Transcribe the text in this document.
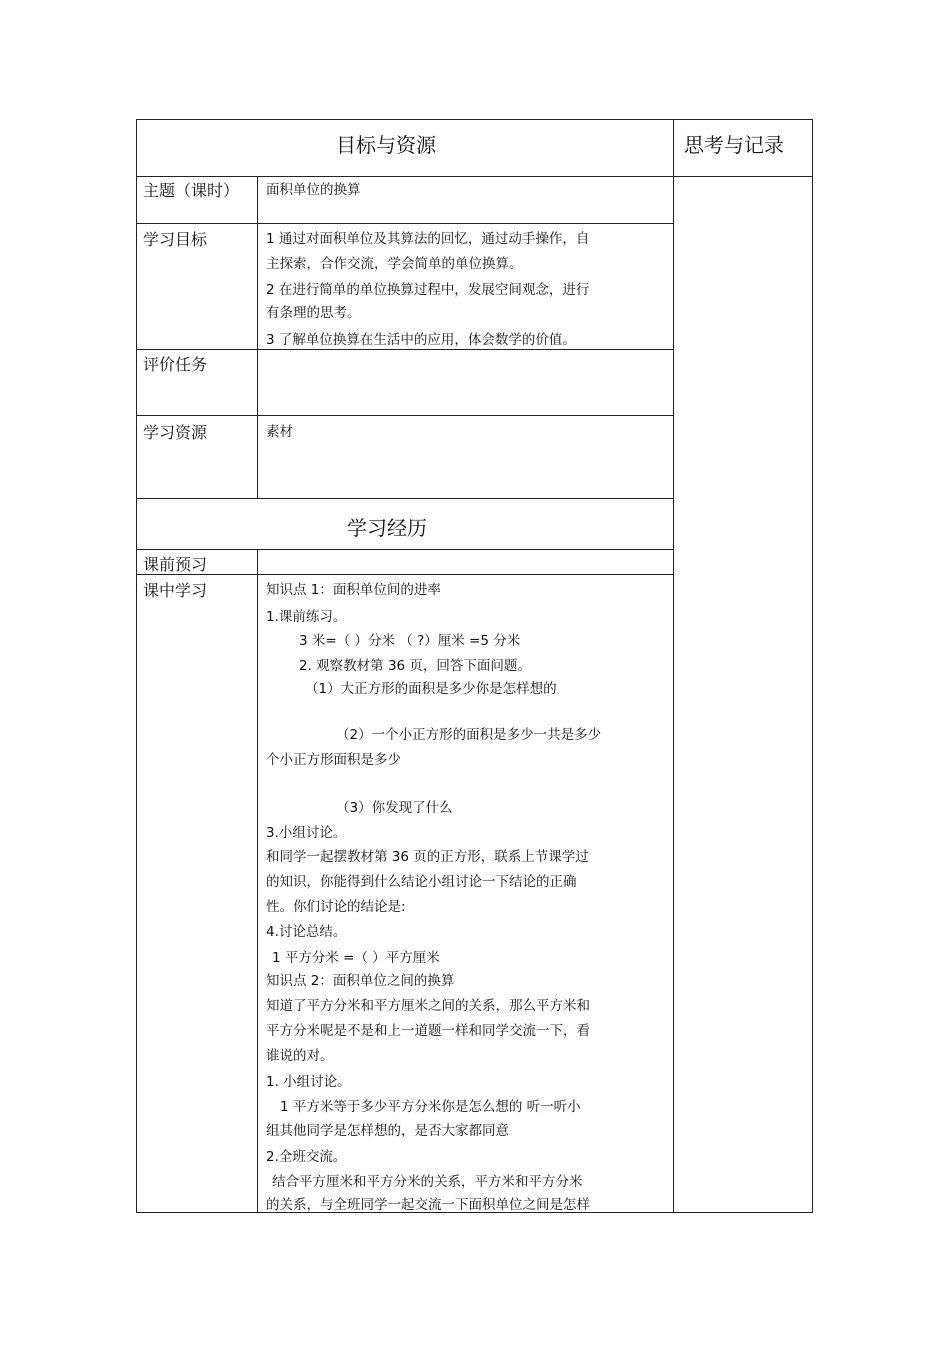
目标与资源	思考与记录
主题（课时） 面积单位的换算
学习目标	1 通过对面积单位及其算法的回忆，通过动手操作，自
主探索，合作交流，学会简单的单位换算。
2 在进行简单的单位换算过程中，发展空间观念，进行
有条理的思考。
3 了解单位换算在生活中的应用，体会数学的价值。
评价任务
学习资源	素材
学习经历
课前预习
课中学习	知识点 1：面积单位间的进率
1.课前练习。
3 米=（ ）分米 （ ?）厘米 =5 分米
2. 观察教材第 36 页，回答下面问题。
（1）大正方形的面积是多少你是怎样想的
（2）一个小正方形的面积是多少一共是多少
个小正方形面积是多少
（3）你发现了什么
3.小组讨论。
和同学一起摆教材第 36 页的正方形，联系上节课学过
的知识，你能得到什么结论小组讨论一下结论的正确
性。你们讨论的结论是:
4.讨论总结。
1 平方分米 =（ ）平方厘米
知识点 2：面积单位之间的换算
知道了平方分米和平方厘米之间的关系，那么平方米和
平方分米呢是不是和上一道题一样和同学交流一下，看
谁说的对。
1. 小组讨论。
1 平方米等于多少平方分米你是怎么想的 听一听小
组其他同学是怎样想的，是否大家都同意
2.全班交流。
结合平方厘米和平方分米的关系，平方米和平方分米
的关系，与全班同学一起交流一下面积单位之间是怎样
